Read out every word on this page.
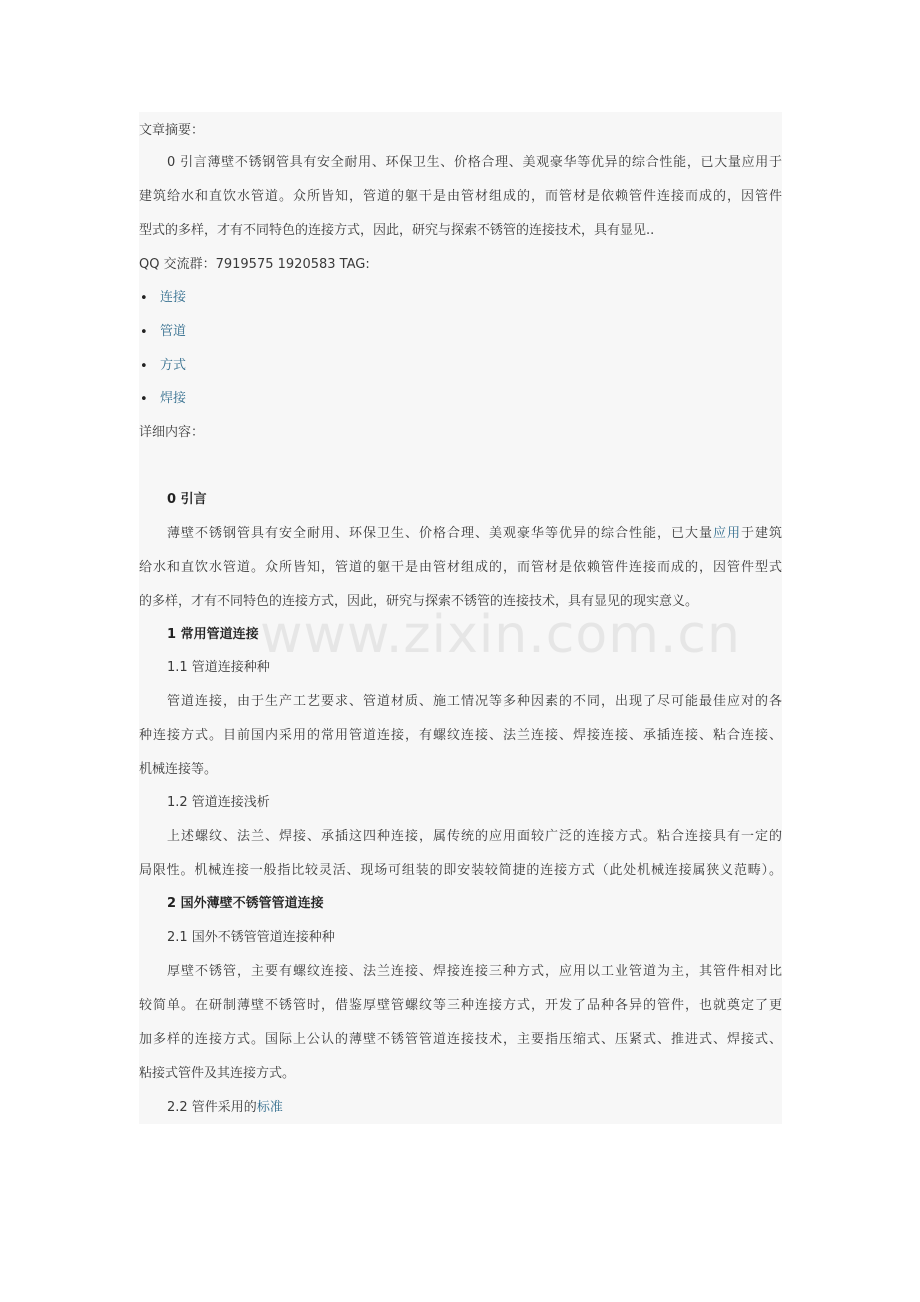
www.zixin.com.cn
文章摘要：
0 引言薄壁不锈钢管具有安全耐用、环保卫生、价格合理、美观豪华等优异的综合性能，已大量应用于
建筑给水和直饮水管道。众所皆知，管道的躯干是由管材组成的，而管材是依赖管件连接而成的，因管件
型式的多样，才有不同特色的连接方式，因此，研究与探索不锈管的连接技术，具有显见..
QQ 交流群：7919575 1920583 TAG:
• 连接
• 管道
• 方式
• 焊接
详细内容：
0 引言
薄壁不锈钢管具有安全耐用、环保卫生、价格合理、美观豪华等优异的综合性能，已大量应用于建筑
给水和直饮水管道。众所皆知，管道的躯干是由管材组成的，而管材是依赖管件连接而成的，因管件型式
的多样，才有不同特色的连接方式，因此，研究与探索不锈管的连接技术，具有显见的现实意义。
1 常用管道连接
1.1 管道连接种种
管道连接，由于生产工艺要求、管道材质、施工情况等多种因素的不同，出现了尽可能最佳应对的各
种连接方式。目前国内采用的常用管道连接，有螺纹连接、法兰连接、焊接连接、承插连接、粘合连接、
机械连接等。
1.2 管道连接浅析
上述螺纹、法兰、焊接、承插这四种连接，属传统的应用面较广泛的连接方式。粘合连接具有一定的
局限性。机械连接一般指比较灵活、现场可组装的即安装较简捷的连接方式（此处机械连接属狭义范畴）。
2 国外薄壁不锈管管道连接
2.1 国外不锈管管道连接种种
厚壁不锈管，主要有螺纹连接、法兰连接、焊接连接三种方式，应用以工业管道为主，其管件相对比
较简单。在研制薄壁不锈管时，借鉴厚壁管螺纹等三种连接方式，开发了品种各异的管件，也就奠定了更
加多样的连接方式。国际上公认的薄壁不锈管管道连接技术，主要指压缩式、压紧式、推进式、焊接式、
粘接式管件及其连接方式。
2.2 管件采用的标准
